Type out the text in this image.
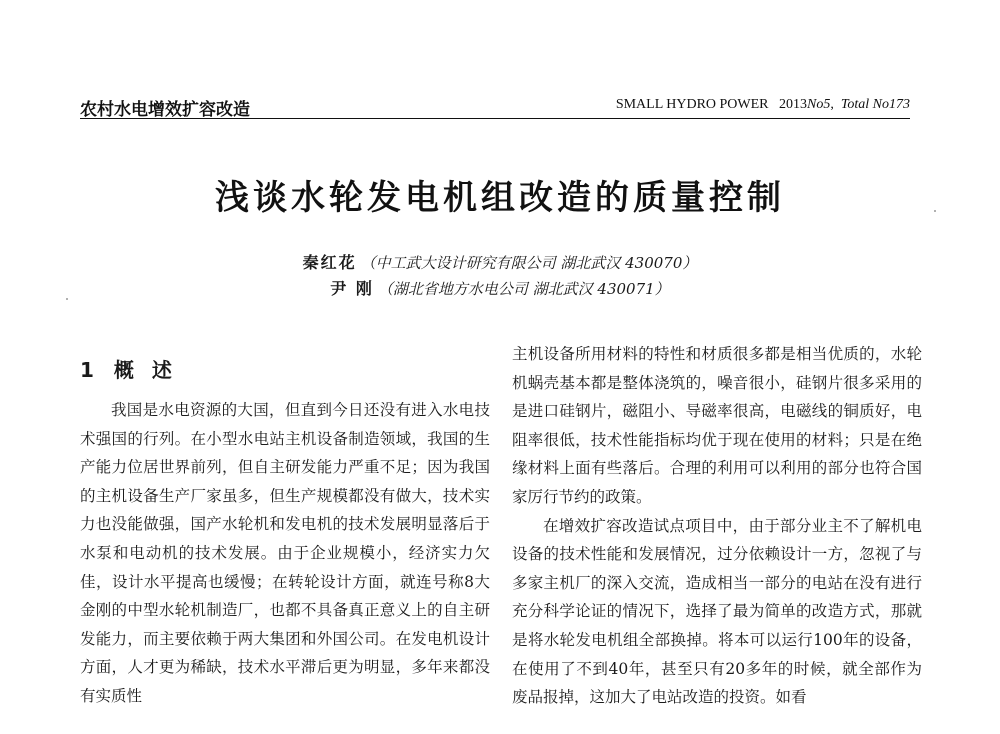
农村水电增效扩容改造	SMALL HYDRO POWER 2013No5,  Total No173
浅谈水轮发电机组改造的质量控制
秦红花 （中工武大设计研究有限公司 湖北武汉 430070）
尹 刚 （湖北省地方水电公司 湖北武汉 430071）
1 概述

我国是水电资源的大国，但直到今日还没有进入水电技术强国的行列。在小型水电站主机设备制造领域，我国的生产能力位居世界前列，但自主研发能力严重不足；因为我国的主机设备生产厂家虽多，但生产规模都没有做大，技术实力也没能做强，国产水轮机和发电机的技术发展明显落后于水泵和电动机的技术发展。由于企业规模小，经济实力欠佳，设计水平提高也缓慢；在转轮设计方面，就连号称8大金刚的中型水轮机制造厂，也都不具备真正意义上的自主研发能力，而主要依赖于两大集团和外国公司。在发电机设计方面，人才更为稀缺，技术水平滞后更为明显，多年来都没有实质性

主机设备所用材料的特性和材质很多都是相当优质的，水轮机蜗壳基本都是整体浇筑的，噪音很小，硅钢片很多采用的是进口硅钢片，磁阻小、导磁率很高，电磁线的铜质好，电阻率很低，技术性能指标均优于现在使用的材料；只是在绝缘材料上面有些落后。合理的利用可以利用的部分也符合国家厉行节约的政策。

在增效扩容改造试点项目中，由于部分业主不了解机电设备的技术性能和发展情况，过分依赖设计一方，忽视了与多家主机厂的深入交流，造成相当一部分的电站在没有进行充分科学论证的情况下，选择了最为简单的改造方式，那就是将水轮发电机组全部换掉。将本可以运行100年的设备，在使用了不到40年，甚至只有20多年的时候，就全部作为废品报掉，这加大了电站改造的投资。如看
